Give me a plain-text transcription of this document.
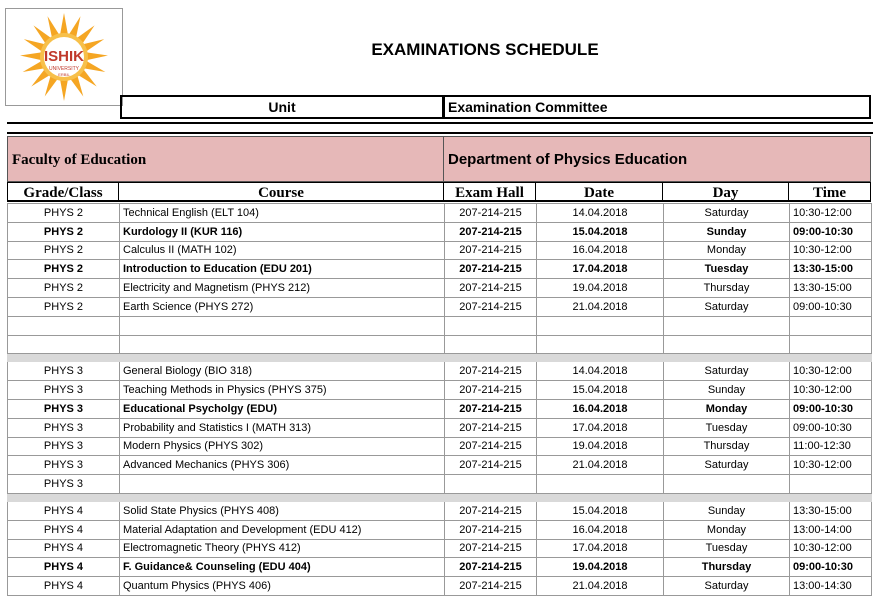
ISHIK
UNIVERSITY
ERBIL
EXAMINATIONS SCHEDULE
Unit	Examination Committee
Faculty of Education	Department of Physics Education
Grade/Class	Course	Exam Hall	Date	Day	Time
PHYS 2	Technical English (ELT 104)	207-214-215	14.04.2018	Saturday	10:30-12:00
PHYS 2	Kurdology II (KUR 116)	207-214-215	15.04.2018	Sunday	09:00-10:30
PHYS 2	Calculus II (MATH 102)	207-214-215	16.04.2018	Monday	10:30-12:00
PHYS 2	Introduction to Education (EDU 201)	207-214-215	17.04.2018	Tuesday	13:30-15:00
PHYS 2	Electricity and Magnetism (PHYS 212)	207-214-215	19.04.2018	Thursday	13:30-15:00
PHYS 2	Earth Science (PHYS 272)	207-214-215	21.04.2018	Saturday	09:00-10:30

PHYS 3	General Biology (BIO 318)	207-214-215	14.04.2018	Saturday	10:30-12:00
PHYS 3	Teaching Methods in Physics (PHYS 375)	207-214-215	15.04.2018	Sunday	10:30-12:00
PHYS 3	Educational Psycholgy (EDU)	207-214-215	16.04.2018	Monday	09:00-10:30
PHYS 3	Probability and Statistics I (MATH 313)	207-214-215	17.04.2018	Tuesday	09:00-10:30
PHYS 3	Modern Physics (PHYS 302)	207-214-215	19.04.2018	Thursday	11:00-12:30
PHYS 3	Advanced Mechanics (PHYS 306)	207-214-215	21.04.2018	Saturday	10:30-12:00
PHYS 3					

PHYS 4	Solid State Physics (PHYS 408)	207-214-215	15.04.2018	Sunday	13:30-15:00
PHYS 4	Material Adaptation and Development (EDU 412)	207-214-215	16.04.2018	Monday	13:00-14:00
PHYS 4	Electromagnetic Theory (PHYS 412)	207-214-215	17.04.2018	Tuesday	10:30-12:00
PHYS 4	F. Guidance& Counseling (EDU 404)	207-214-215	19.04.2018	Thursday	09:00-10:30
PHYS 4	Quantum Physics (PHYS 406)	207-214-215	21.04.2018	Saturday	13:00-14:30
